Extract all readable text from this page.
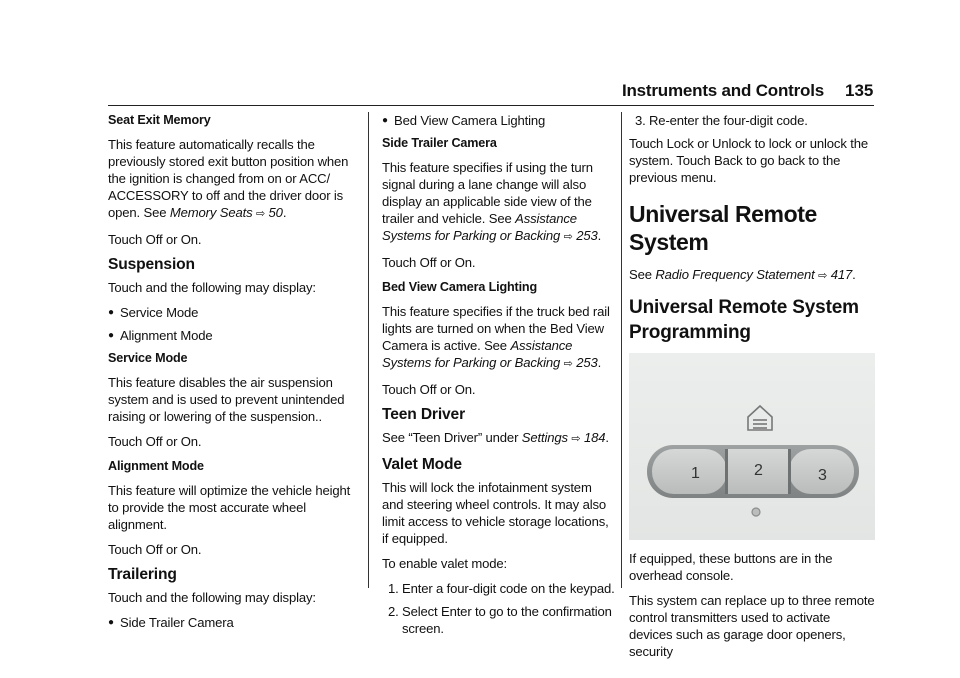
Instruments and Controls 135

Seat Exit Memory

This feature automatically recalls the previously stored exit button position when the ignition is changed from on or ACC/ ACCESSORY to off and the driver door is open. See Memory Seats ⇨ 50.

Touch Off or On.

Suspension

Touch and the following may display:

● Service Mode

● Alignment Mode

Service Mode

This feature disables the air suspension system and is used to prevent unintended raising or lowering of the suspension..

Touch Off or On.

Alignment Mode

This feature will optimize the vehicle height to provide the most accurate wheel alignment.

Touch Off or On.

Trailering

Touch and the following may display:

● Side Trailer Camera

● Bed View Camera Lighting

Side Trailer Camera

This feature specifies if using the turn signal during a lane change will also display an applicable side view of the trailer and vehicle. See Assistance Systems for Parking or Backing ⇨ 253.

Touch Off or On.

Bed View Camera Lighting

This feature specifies if the truck bed rail lights are turned on when the Bed View Camera is active. See Assistance Systems for Parking or Backing ⇨ 253.

Touch Off or On.

Teen Driver

See “Teen Driver” under Settings ⇨ 184.

Valet Mode

This will lock the infotainment system and steering wheel controls. It may also limit access to vehicle storage locations, if equipped.

To enable valet mode:

1. Enter a four-digit code on the keypad.

2. Select Enter to go to the confirmation screen.

3. Re-enter the four-digit code.

Touch Lock or Unlock to lock or unlock the system. Touch Back to go back to the previous menu.

Universal Remote System

See Radio Frequency Statement ⇨ 417.

Universal Remote System Programming

1	2	3

If equipped, these buttons are in the overhead console.

This system can replace up to three remote control transmitters used to activate devices such as garage door openers, security
